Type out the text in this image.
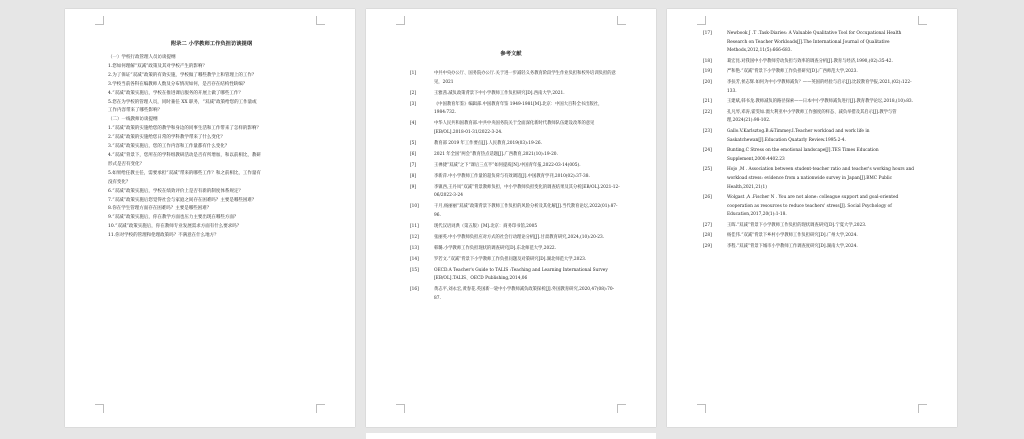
附录二 小学教师工作负担访谈提纲
（一）学校行政管理人员访谈提纲
1.您如何理解“双减”政策及其对学校产生的影响？
2.为了保证“双减”政策的有效实施，学校做了哪些教学上和管理上的工作？
3.学校当前各科在编教师人数及分布情况如何，是否存在结构性缺编？
4.“双减”政策实施后，学校在推进课后服务的开展上做了哪些工作？
5.您在为学校的管理人员，同时兼任 XX 职务，“双减”政策给您的工作量或
工作内容带来了哪些影响？
（二）一线教师访谈提纲
1.“双减”政策的实施给您的教学和身边的同事生活和工作带来了怎样的影响？
2.“双减”政策的实施给您日常的学科教学带来了什么变化？
3.“双减”政策实施后，您的工作内容和工作量都有什么变化？
4.“双减”背景下，您所在的学科组教研活动是否有所增加，和以前相比，教研
形式是否有变化？
5.如果给任教主任，需要承担“双减”带来的哪些工作？和之前相比，工作量有
没有变化？
6.“双减”政策实施后，学校在绩效评价上是否有新的制度体系规定？
7.“双减”政策实施后您觉得社会与家庭之间存在困难吗？主要是哪些困难？
8.你在学生管理方面存在困难吗？主要是哪些困难？
9.“双减”政策实施后，你在教学方面也压力主要出现在哪些方面？
10.“双减”政策实施后，你在教师专业发展需求方面有什么要求吗？
11.你对学校的管理和伦理政策吗？不满意在什么地方？
参考文献
[1]	中共中央办公厅、国务院办公厅.关于进一步减轻义务教育阶段学生作业负担和校外培训负担的意见，2021
[2]	王雅茜.减负政策背景下中小学教师工作负担研究[D].西南大学,2021.
[3]	《中国教育年鉴》编辑部.中国教育年鉴 1949-1981[M].北京：中国大百科全书出版社，1984:732.
[4]	中华人民共和国教育部.中共中央国务院关于全面深化新时代教师队伍建设改革的意见[EB/OL].2018-01-31/2022-3-24.
[5]	教育部 2019 年工作要点[J].人民教育,2019(03):19-26.
[6]	2021 年全国“两会”教育热点话题[J].广西教育,2021(10):19-20.
[7]	王禅捷“双减”之下“课后三点半”如何提质[N].中国青年报,2022-03-14(005).
[8]	李新萍.中小学教师工作量的超负荷与有效调适[J].中国教育学刊,2010(02):37-38.
[9]	李镇西,王丹凤“双减”背景教师负担，中小学教师负担变化的调查结果及其分析[EB/OL].2021-12-06/2022-3-24
[10]	干月,杨丽丽“双减”政策背景下教师工作负担的风险分析及其化解[J].当代教育论坛,2022(01):87-96.
[11]	现代汉语词典（第五版）[M].北京：商务印书馆,2005
[12]	张丽英.中小学教师负担应对方式的社会行动理论分析[J].甘肃教育研究,2024,(10):20-23.
[13]	韩璐.小学教师工作负担现状的调查研究[D].东北师范大学,2022.
[14]	罗若文.“双减”背景下小学教师工作负担问题及对策研究[D].湖北师范大学,2023.
[15]	OECD.A Teacher's Guide to TALIS :Teaching and Learning International Survey [EB/OL].TALIS、OECD Publishing,2014,06
[16]	黄志平,刘永宏,黄春花.英国新一轮中小学教师减负政策探析[J].外国教育研究,2020,47(08):70-87.
[17]	Newbook J .T .Task-Diaries: A Valuable Qualitative Tool for Occupational Health Research on Teacher Workloads[J].The International Journal of Qualitative Methods,2012,11(5):666-683.
[18]	葛宏昆.对我国中小学教师劳动负担与效率的调查分析[J].教育与经济,1990,(02):35-42.
[19]	严和艳.“双减”背景下小学教师工作负担研究[D].广西师范大学,2023.
[20]	李扶芳,侯志辉.如何为中小学教师减负？——英国的经验与启示[J].比较教育学报,2021,(02):122-133.
[21]	王建斌,韩书龙.教师减负的路径探索——日本中小学教师减负进行[J].教育教学论坛,2018,(10):83.
[22]	孔凡琴,邓涛,霍雯如.澳大利亚中小学教师工作强度的样态、减负举措及其启示[J].教学与管理,2024(21):98-102.
[23]	Gallo.V.Karlsztog.B.&Timmey.I.Teacher workload and work life in Saskatchewan[J].Education Quatarly Review.1995:2-4.
[24]	Bunting,C Stress on the emotional landscape[J].TES Times Education Supplement,2000:4402.23
[25]	Hojo ,M . Association between student-teacher ratio and teacher's working hours and workload stress: evidence from a nationwide survey in Japan[J].BMC Public Health,2021,21(1)
[26]	Wolgast ,A .Fischer N . You are not alone: colleague support and goal-oriented cooperation as resources to reduce teachers' stress[J]. Social Psychology of Education,2017,20(1):1-18.
[27]	王晖.“双减”背景下小学教师工作负担的现状调查研究[D].宁夏大学,2023.
[28]	杨佳伟.“双减”背景下乡村小学教师工作负担研究[D].广州大学,2024.
[29]	李程.“双减”背景下城市小学教师工作调查度研究[D].湖南大学,2024.
